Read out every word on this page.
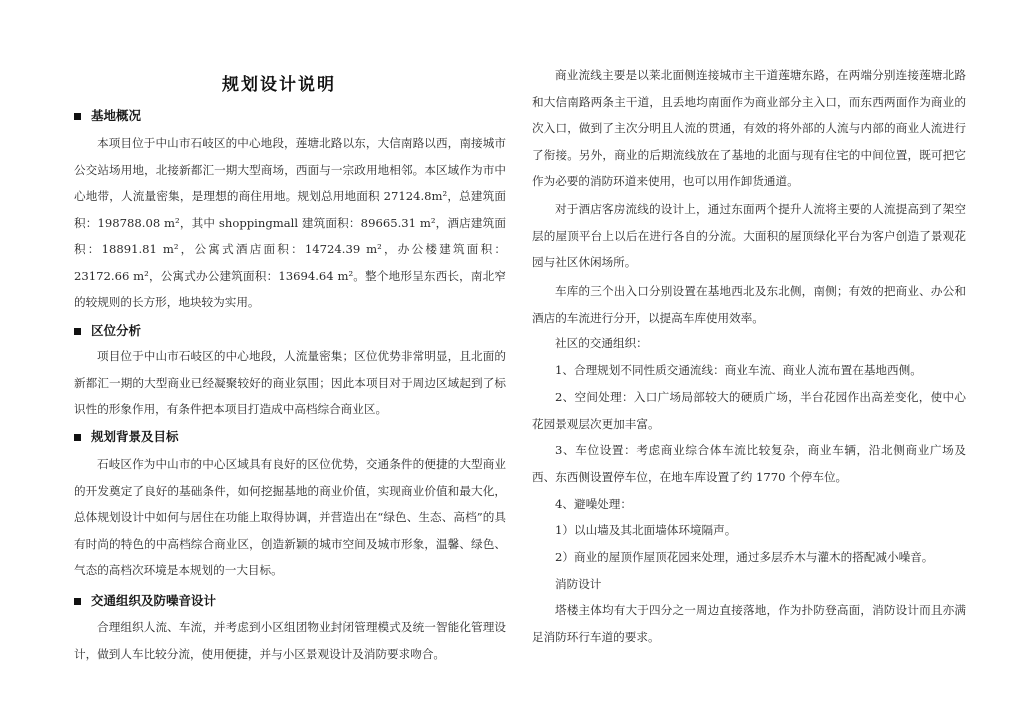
规划设计说明
基地概况

本项目位于中山市石岐区的中心地段，莲塘北路以东，大信南路以西，南接城市公交站场用地，北接新都汇一期大型商场，西面与一宗政用地相邻。本区域作为市中心地带，人流量密集，是理想的商住用地。规划总用地面积 27124.8m²，总建筑面积：198788.08 m²，其中 shoppingmall 建筑面积：89665.31 m²，酒店建筑面积：18891.81 m²，公寓式酒店面积：14724.39 m²，办公楼建筑面积：23172.66 m²，公寓式办公建筑面积：13694.64 m²。整个地形呈东西长，南北窄的较规则的长方形，地块较为实用。

区位分析

项目位于中山市石岐区的中心地段，人流量密集；区位优势非常明显，且北面的新都汇一期的大型商业已经凝聚较好的商业氛围；因此本项目对于周边区域起到了标识性的形象作用，有条件把本项目打造成中高档综合商业区。

规划背景及目标

石岐区作为中山市的中心区域具有良好的区位优势，交通条件的便捷的大型商业的开发奠定了良好的基础条件，如何挖掘基地的商业价值，实现商业价值和最大化，总体规划设计中如何与居住在功能上取得协调，并营造出在“绿色、生态、高档”的具有时尚的特色的中高档综合商业区，创造新颖的城市空间及城市形象，温馨、绿色、气态的高档次环境是本规划的一大目标。

交通组织及防噪音设计

合理组织人流、车流，并考虑到小区组团物业封闭管理模式及统一智能化管理设计，做到人车比较分流，使用便捷，并与小区景观设计及消防要求吻合。

商业流线主要是以莱北面侧连接城市主干道莲塘东路，在两端分别连接莲塘北路和大信南路两条主干道，且丢地均南面作为商业部分主入口，而东西两面作为商业的次入口，做到了主次分明且人流的贯通，有效的将外部的人流与内部的商业人流进行了衔接。另外，商业的后期流线放在了基地的北面与现有住宅的中间位置，既可把它作为必要的消防环道来使用，也可以用作卸货通道。

对于酒店客房流线的设计上，通过东面两个提升人流将主要的人流提高到了架空层的屋顶平台上以后在进行各自的分流。大面积的屋顶绿化平台为客户创造了景观花园与社区休闲场所。

车库的三个出入口分别设置在基地西北及东北侧，南侧；有效的把商业、办公和酒店的车流进行分开，以提高车库使用效率。

社区的交通组织：

1、合理规划不同性质交通流线：商业车流、商业人流布置在基地西侧。

2、空间处理：入口广场局部较大的硬质广场，半台花园作出高差变化，使中心花园景观层次更加丰富。

3、车位设置：考虑商业综合体车流比较复杂，商业车辆，沿北侧商业广场及西、东西侧设置停车位，在地车库设置了约 1770 个停车位。

4、避噪处理：

1）以山墙及其北面墙体环境隔声。

2）商业的屋顶作屋顶花园来处理，通过多层乔木与灌木的搭配减小噪音。

消防设计

塔楼主体均有大于四分之一周边直接落地，作为扑防登高面，消防设计而且亦满足消防环行车道的要求。
